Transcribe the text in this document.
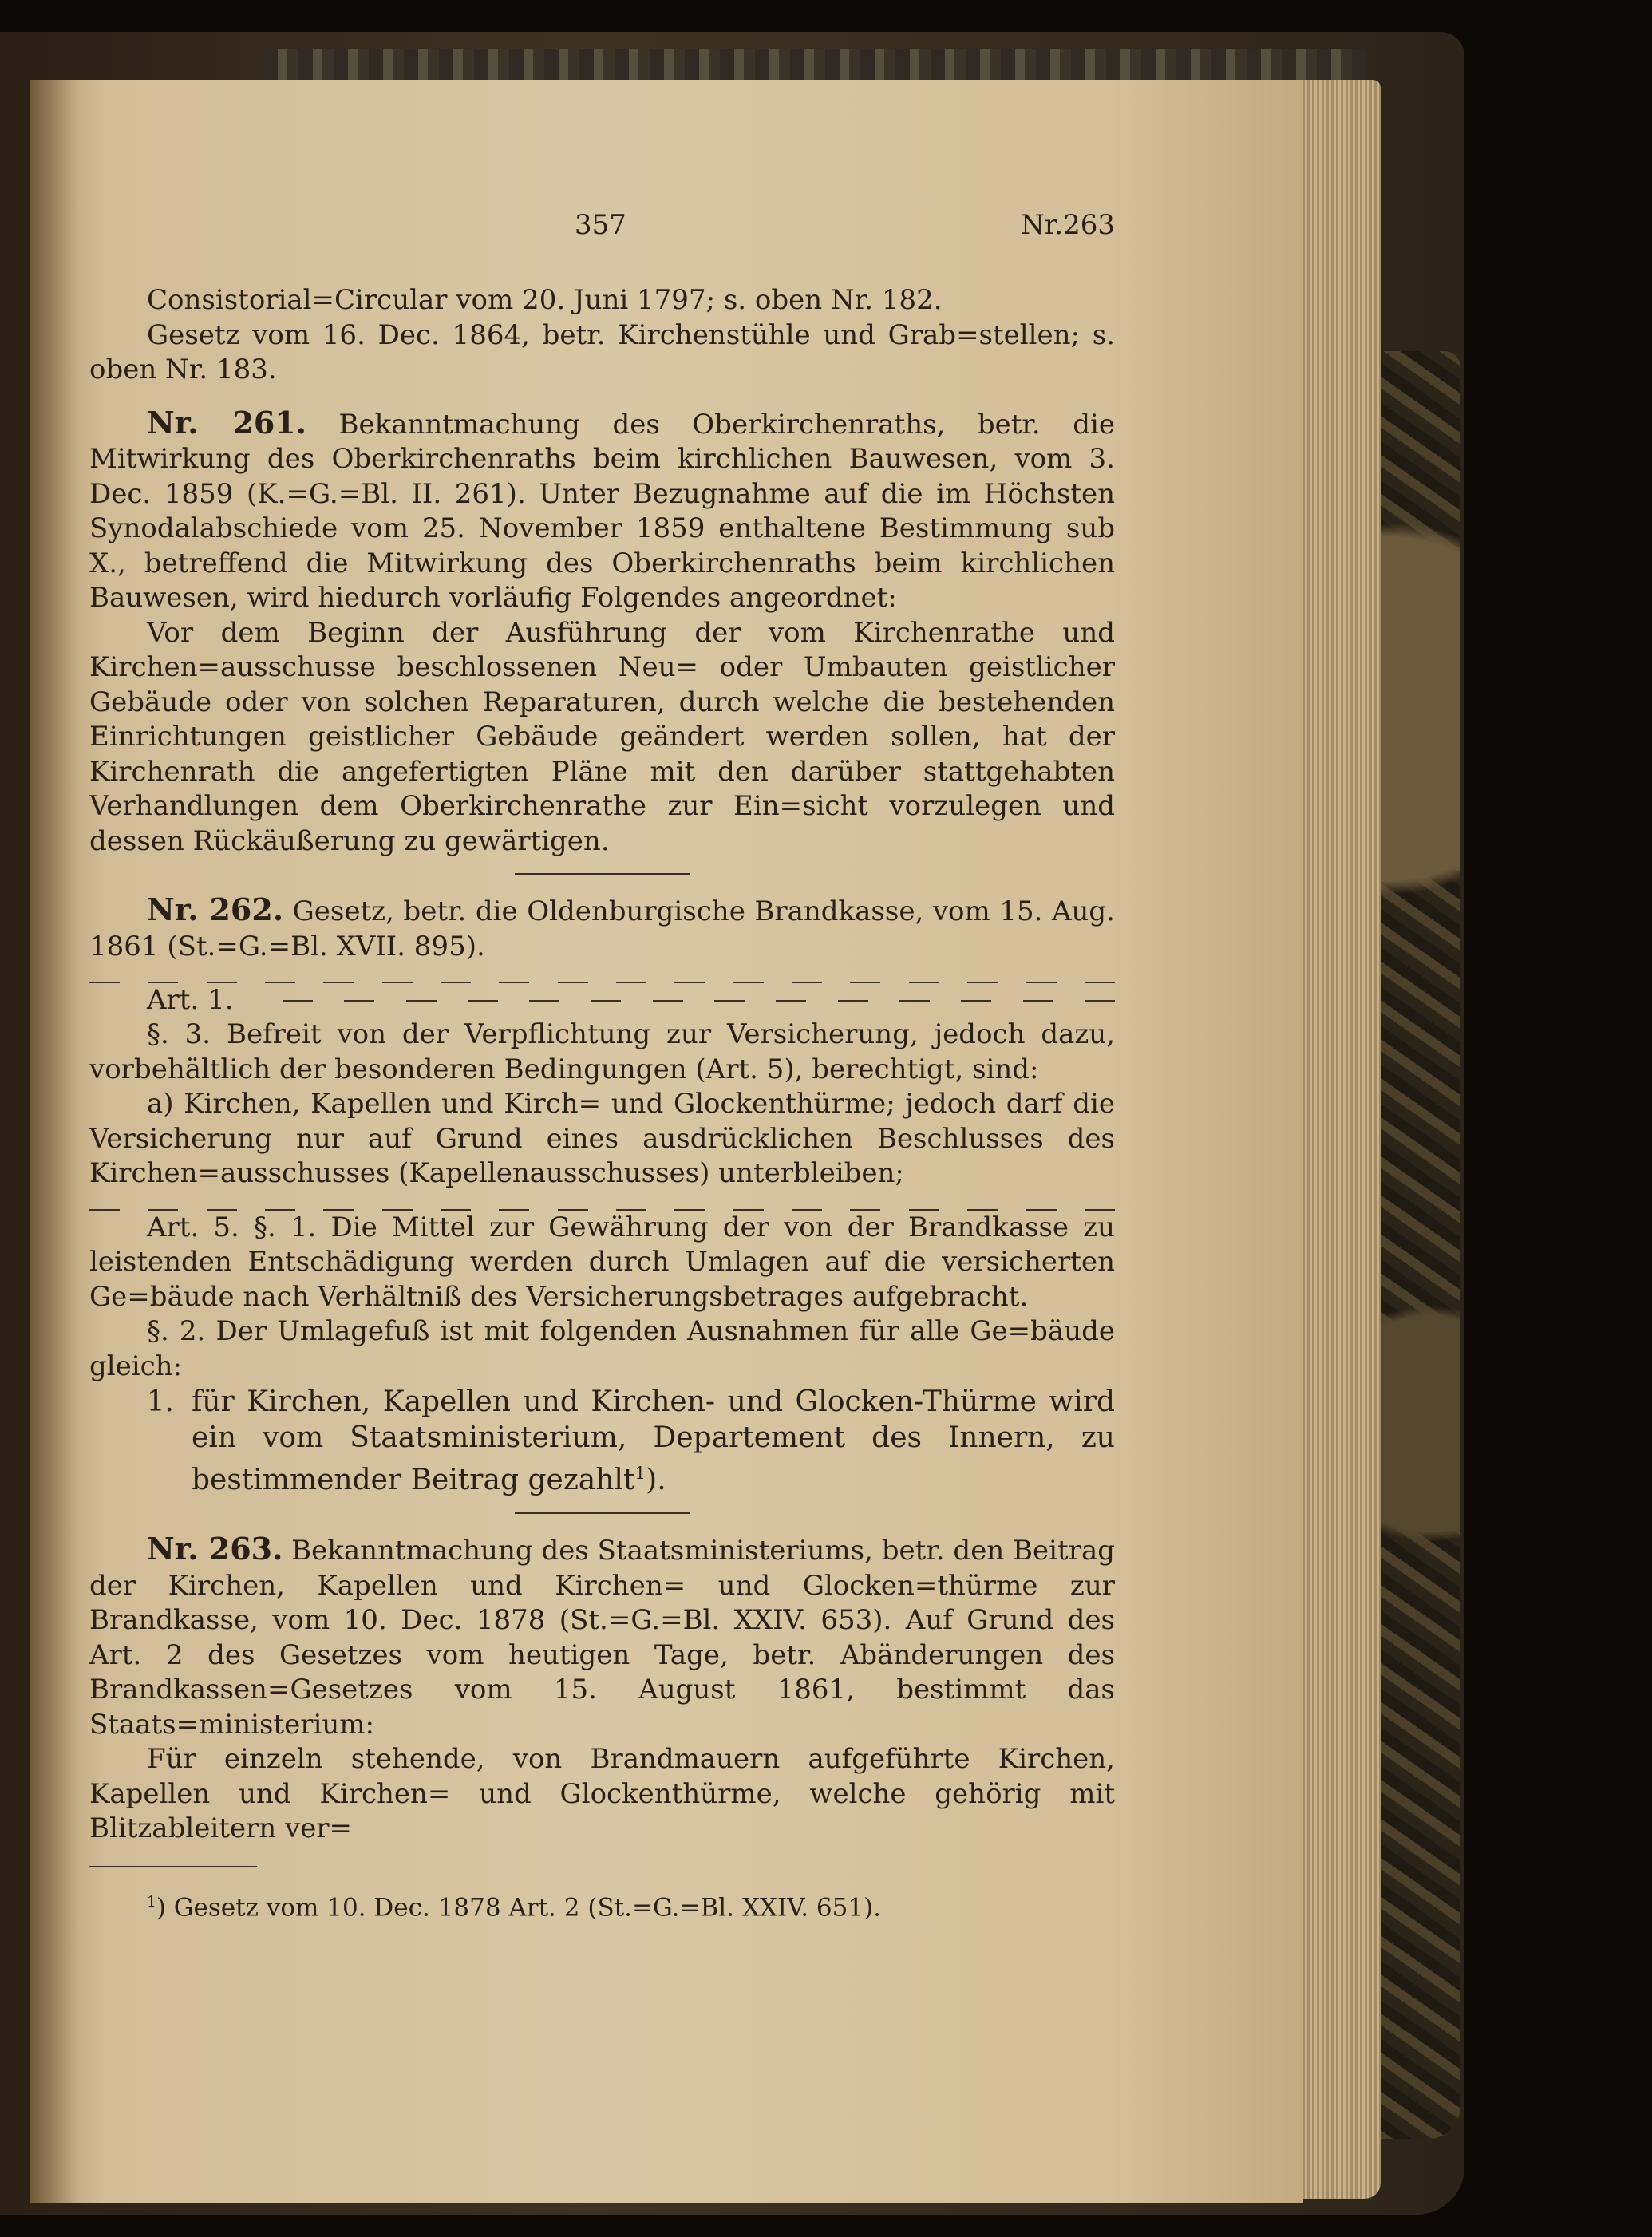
357	Nr.263

Consistorial=Circular vom 20. Juni 1797; s. oben Nr. 182.

Gesetz vom 16. Dec. 1864, betr. Kirchenstühle und Grab=stellen; s. oben Nr. 183.

Nr. 261. Bekanntmachung des Oberkirchenraths, betr. die Mitwirkung des Oberkirchenraths beim kirchlichen Bauwesen, vom 3. Dec. 1859 (K.=G.=Bl. II. 261). Unter Bezugnahme auf die im Höchsten Synodalabschiede vom 25. November 1859 enthaltene Bestimmung sub X., betreffend die Mitwirkung des Oberkirchenraths beim kirchlichen Bauwesen, wird hiedurch vorläufig Folgendes angeordnet:

Vor dem Beginn der Ausführung der vom Kirchenrathe und Kirchen=ausschusse beschlossenen Neu= oder Umbauten geistlicher Gebäude oder von solchen Reparaturen, durch welche die bestehenden Einrichtungen geistlicher Gebäude geändert werden sollen, hat der Kirchenrath die angefertigten Pläne mit den darüber stattgehabten Verhandlungen dem Oberkirchenrathe zur Ein=sicht vorzulegen und dessen Rückäußerung zu gewärtigen.

Nr. 262. Gesetz, betr. die Oldenburgische Brandkasse, vom 15. Aug. 1861 (St.=G.=Bl. XVII. 895).

Art. 1.

§. 3. Befreit von der Verpflichtung zur Versicherung, jedoch dazu, vorbehältlich der besonderen Bedingungen (Art. 5), berechtigt, sind:

a) Kirchen, Kapellen und Kirch= und Glockenthürme; jedoch darf die Versicherung nur auf Grund eines ausdrücklichen Beschlusses des Kirchen=ausschusses (Kapellenausschusses) unterbleiben;

Art. 5. §. 1. Die Mittel zur Gewährung der von der Brandkasse zu leistenden Entschädigung werden durch Umlagen auf die versicherten Ge=bäude nach Verhältniß des Versicherungsbetrages aufgebracht.

§. 2. Der Umlagefuß ist mit folgenden Ausnahmen für alle Ge=bäude gleich:

1. für Kirchen, Kapellen und Kirchen- und Glocken-Thürme wird ein vom Staatsministerium, Departement des Innern, zu bestimmender Beitrag gezahlt$^1$).

Nr. 263. Bekanntmachung des Staatsministeriums, betr. den Beitrag der Kirchen, Kapellen und Kirchen= und Glocken=thürme zur Brandkasse, vom 10. Dec. 1878 (St.=G.=Bl. XXIV. 653). Auf Grund des Art. 2 des Gesetzes vom heutigen Tage, betr. Abänderungen des Brandkassen=Gesetzes vom 15. August 1861, bestimmt das Staats=ministerium:

Für einzeln stehende, von Brandmauern aufgeführte Kirchen, Kapellen und Kirchen= und Glockenthürme, welche gehörig mit Blitzableitern ver=

$^1$) Gesetz vom 10. Dec. 1878 Art. 2 (St.=G.=Bl. XXIV. 651).
